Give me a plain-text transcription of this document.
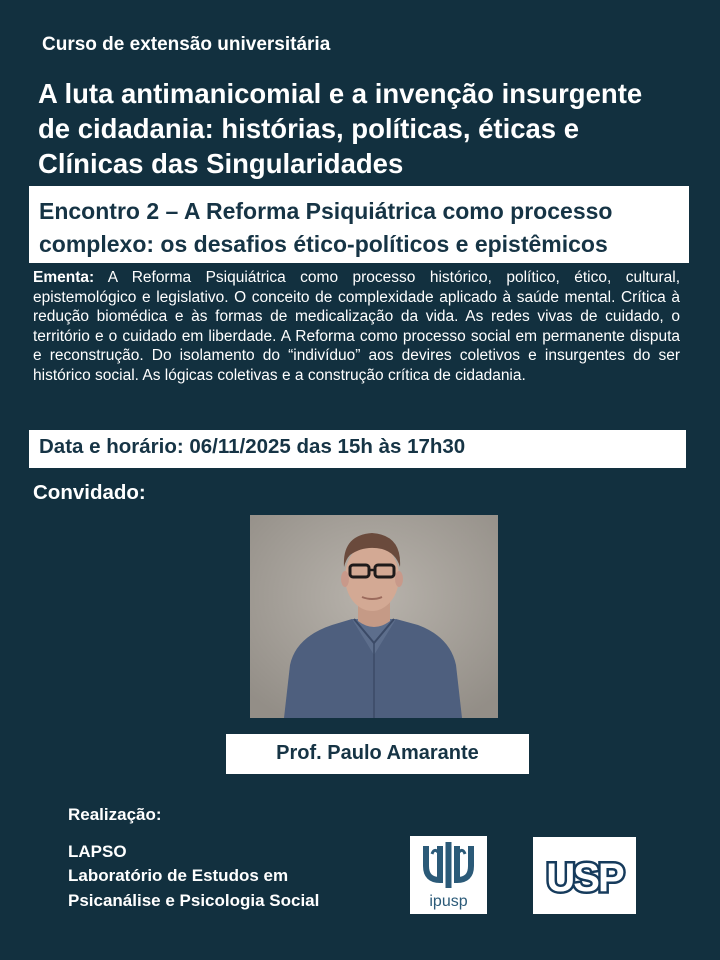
Curso de extensão universitária
A luta antimanicomial e a invenção insurgente
de cidadania: histórias, políticas, éticas e
Clínicas das Singularidades
Encontro 2 – A Reforma Psiquiátrica como processo
complexo: os desafios ético-políticos e epistêmicos
Ementa: A Reforma Psiquiátrica como processo histórico, político, ético, cultural, epistemológico e legislativo. O conceito de complexidade aplicado à saúde mental. Crítica à redução biomédica e às formas de medicalização da vida. As redes vivas de cuidado, o território e o cuidado em liberdade. A Reforma como processo social em permanente disputa e reconstrução. Do isolamento do “indivíduo” aos devires coletivos e insurgentes do ser histórico social. As lógicas coletivas e a construção crítica de cidadania.
Data e horário: 06/11/2025 das 15h às 17h30
Convidado:
Prof. Paulo Amarante
Realização:
LAPSO
Laboratório de Estudos em
Psicanálise e Psicologia Social	ipusp
USP
